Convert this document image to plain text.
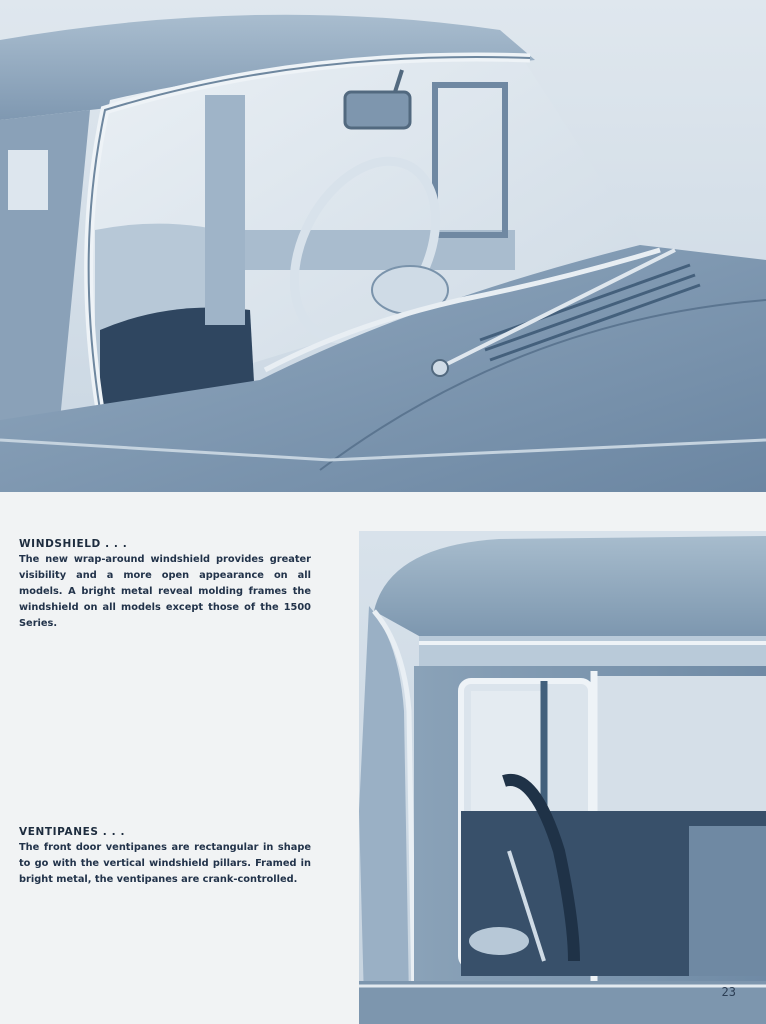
WINDSHIELD . . .

The new wrap-around windshield provides greater visibility and a more open appearance on all models. A bright metal reveal molding frames the windshield on all models except those of the 1500 Series.

VENTIPANES . . .

The front door ventipanes are rectangular in shape to go with the vertical windshield pillars. Framed in bright metal, the ventipanes are crank-controlled.

23
